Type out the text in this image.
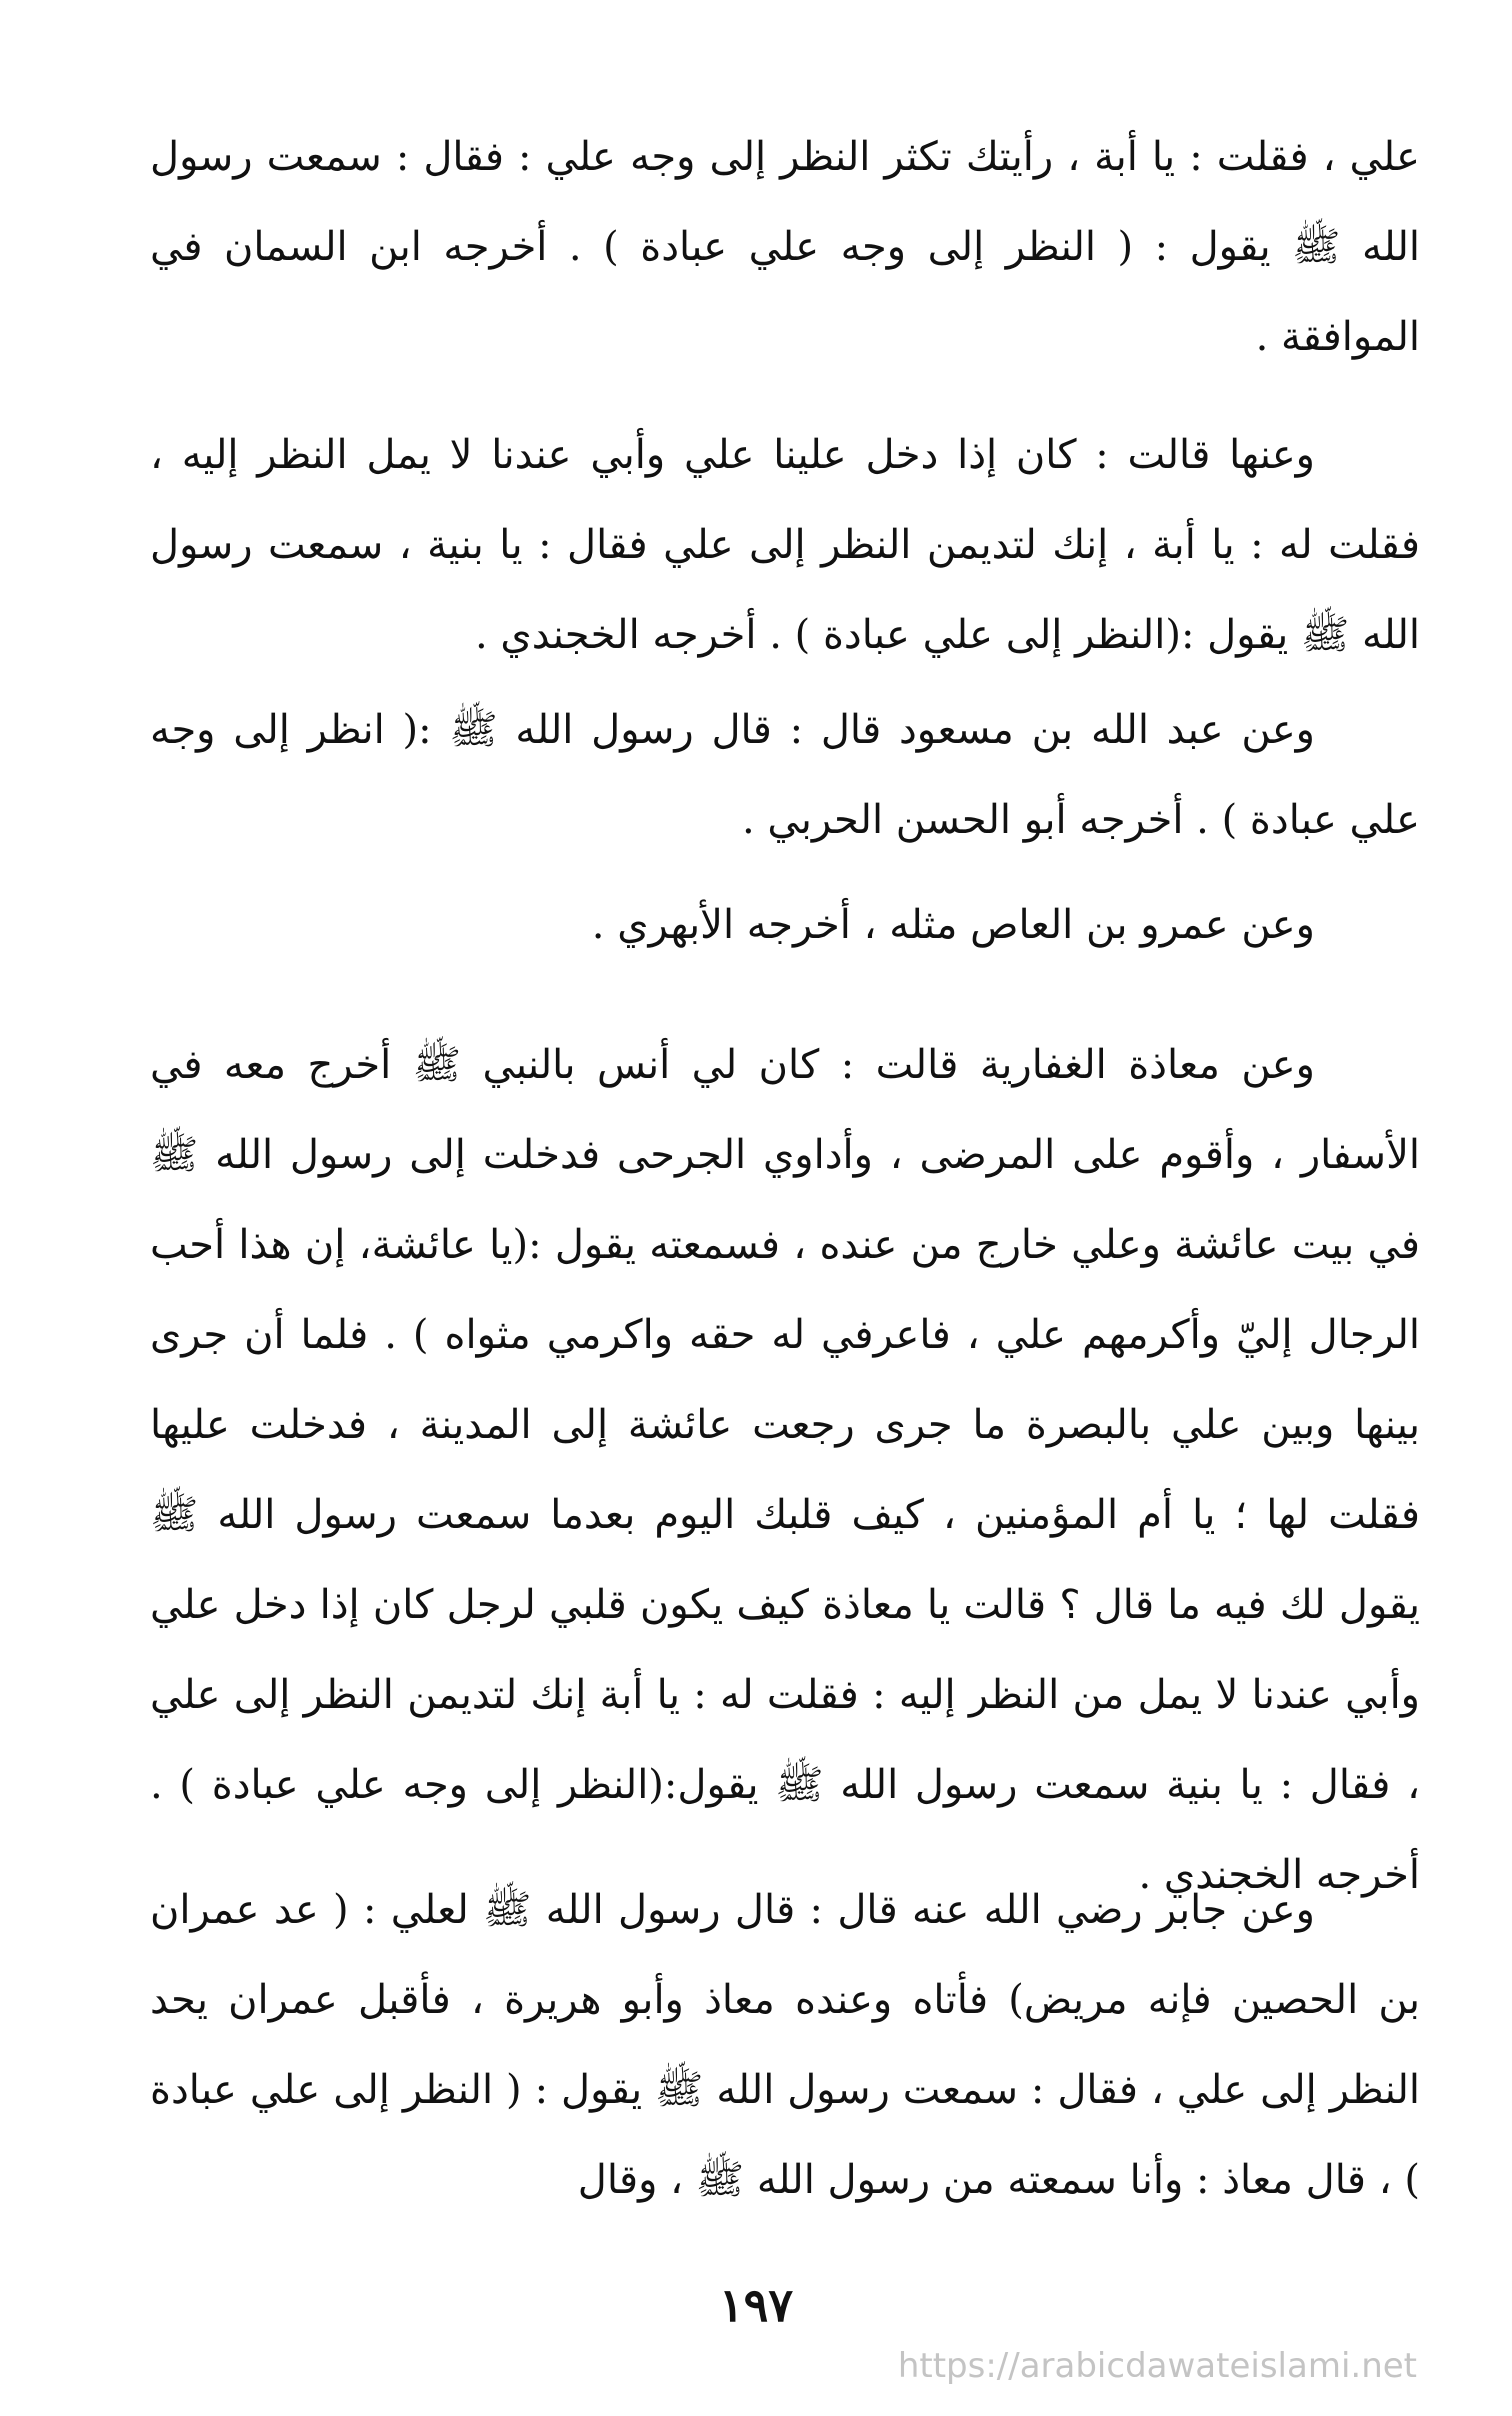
علي ، فقلت : يا أبة ، رأيتك تكثر النظر إلى وجه علي : فقال : سمعت رسول الله ﷺ يقول : ( النظر إلى وجه علي عبادة ) . أخرجه ابن السمان في الموافقة .

وعنها قالت : كان إذا دخل علينا علي وأبي عندنا لا يمل النظر إليه ، فقلت له : يا أبة ، إنك لتديمن النظر إلى علي فقال : يا بنية ، سمعت رسول الله ﷺ يقول :(النظر إلى علي عبادة ) . أخرجه الخجندي .

وعن عبد الله بن مسعود قال : قال رسول الله ﷺ :( انظر إلى وجه علي عبادة ) . أخرجه أبو الحسن الحربي .

وعن عمرو بن العاص مثله ، أخرجه الأبهري .

وعن معاذة الغفارية قالت : كان لي أنس بالنبي ﷺ أخرج معه في الأسفار ، وأقوم على المرضى ، وأداوي الجرحى فدخلت إلى رسول الله ﷺ في بيت عائشة وعلي خارج من عنده ، فسمعته يقول :(يا عائشة، إن هذا أحب الرجال إليّ وأكرمهم علي ، فاعرفي له حقه واكرمي مثواه ) . فلما أن جرى بينها وبين علي بالبصرة ما جرى رجعت عائشة إلى المدينة ، فدخلت عليها فقلت لها ؛ يا أم المؤمنين ، كيف قلبك اليوم بعدما سمعت رسول الله ﷺ يقول لك فيه ما قال ؟ قالت يا معاذة كيف يكون قلبي لرجل كان إذا دخل علي وأبي عندنا لا يمل من النظر إليه : فقلت له : يا أبة إنك لتديمن النظر إلى علي ، فقال : يا بنية سمعت رسول الله ﷺ يقول:(النظر إلى وجه علي عبادة ) . أخرجه الخجندي .

وعن جابر رضي الله عنه قال : قال رسول الله ﷺ لعلي : ( عد عمران بن الحصين فإنه مريض) فأتاه وعنده معاذ وأبو هريرة ، فأقبل عمران يحد النظر إلى علي ، فقال : سمعت رسول الله ﷺ يقول : ( النظر إلى علي عبادة ) ، قال معاذ : وأنا سمعته من رسول الله ﷺ ، وقال

١٩٧
https://arabicdawateislami.net
